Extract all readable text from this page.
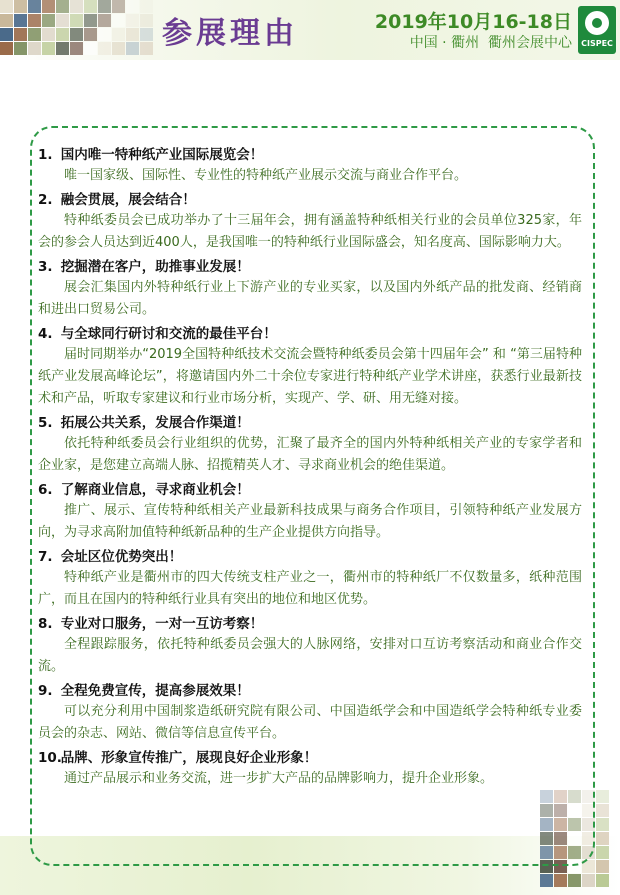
参展理由	2019年10月16-18日
中国 · 衢州 衢州会展中心	CISPEC
1. 国内唯一特种纸产业国际展览会！
唯一国家级、国际性、专业性的特种纸产业展示交流与商业合作平台。
2. 融会贯展，展会结合！
特种纸委员会已成功举办了十三届年会，拥有涵盖特种纸相关行业的会员单位325家，年会的参会人员达到近400人，是我国唯一的特种纸行业国际盛会，知名度高、国际影响力大。
3. 挖掘潜在客户，助推事业发展！
展会汇集国内外特种纸行业上下游产业的专业买家，以及国内外纸产品的批发商、经销商和进出口贸易公司。
4. 与全球同行研讨和交流的最佳平台！
届时同期举办“2019全国特种纸技术交流会暨特种纸委员会第十四届年会” 和 “第三届特种纸产业发展高峰论坛”，将邀请国内外二十余位专家进行特种纸产业学术讲座，获悉行业最新技术和产品，听取专家建议和行业市场分析，实现产、学、研、用无缝对接。
5. 拓展公共关系，发展合作渠道！
依托特种纸委员会行业组织的优势，汇聚了最齐全的国内外特种纸相关产业的专家学者和企业家，是您建立高端人脉、招揽精英人才、寻求商业机会的绝佳渠道。
6. 了解商业信息，寻求商业机会！
推广、展示、宣传特种纸相关产业最新科技成果与商务合作项目，引领特种纸产业发展方向，为寻求高附加值特种纸新品种的生产企业提供方向指导。
7. 会址区位优势突出！
特种纸产业是衢州市的四大传统支柱产业之一，衢州市的特种纸厂不仅数量多，纸种范围广，而且在国内的特种纸行业具有突出的地位和地区优势。
8. 专业对口服务，一对一互访考察！
全程跟踪服务，依托特种纸委员会强大的人脉网络，安排对口互访考察活动和商业合作交流。
9. 全程免费宣传，提高参展效果！
可以充分利用中国制浆造纸研究院有限公司、中国造纸学会和中国造纸学会特种纸专业委员会的杂志、网站、微信等信息宣传平台。
10. 品牌、形象宣传推广，展现良好企业形象！
通过产品展示和业务交流，进一步扩大产品的品牌影响力，提升企业形象。
